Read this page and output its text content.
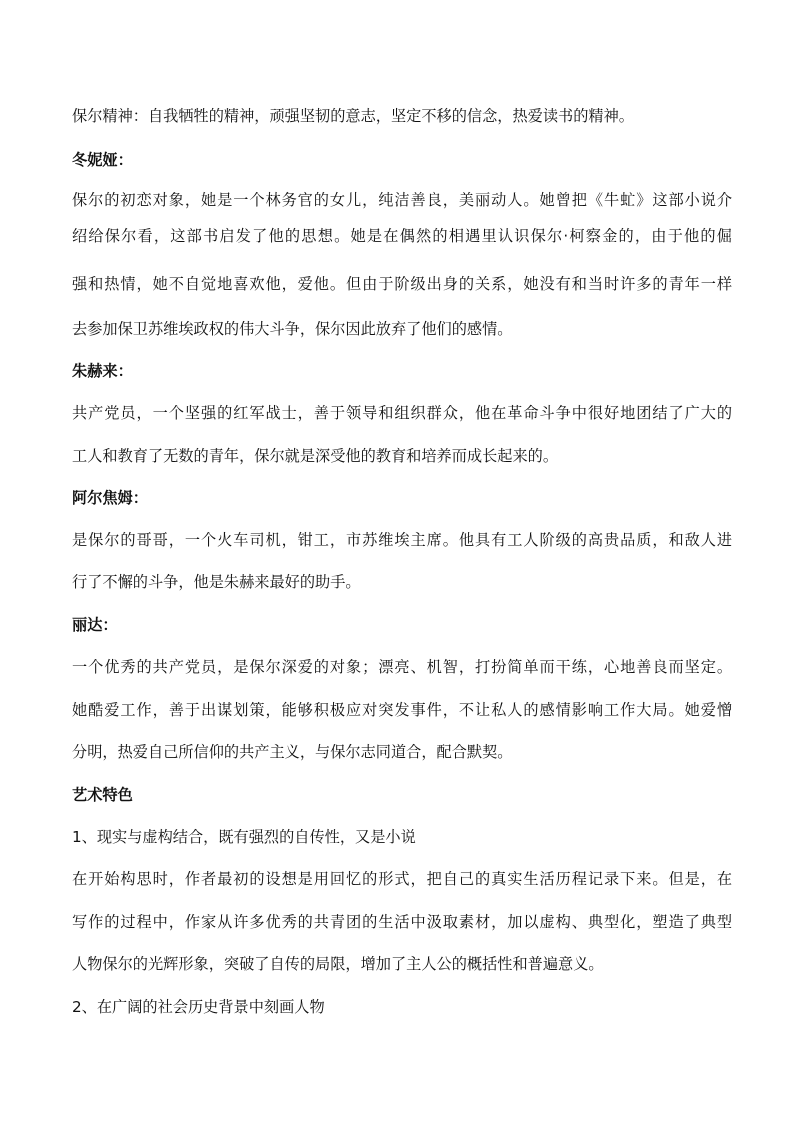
保尔精神：自我牺牲的精神，顽强坚韧的意志，坚定不移的信念，热爱读书的精神。
冬妮娅：
保尔的初恋对象，她是一个林务官的女儿，纯洁善良，美丽动人。她曾把《牛虻》这部小说介
绍给保尔看，这部书启发了他的思想。她是在偶然的相遇里认识保尔·柯察金的，由于他的倔
强和热情，她不自觉地喜欢他，爱他。但由于阶级出身的关系，她没有和当时许多的青年一样
去参加保卫苏维埃政权的伟大斗争，保尔因此放弃了他们的感情。
朱赫来：
共产党员，一个坚强的红军战士，善于领导和组织群众，他在革命斗争中很好地团结了广大的
工人和教育了无数的青年，保尔就是深受他的教育和培养而成长起来的。
阿尔焦姆：
是保尔的哥哥，一个火车司机，钳工，市苏维埃主席。他具有工人阶级的高贵品质，和敌人进
行了不懈的斗争，他是朱赫来最好的助手。
丽达：
一个优秀的共产党员，是保尔深爱的对象；漂亮、机智，打扮简单而干练，心地善良而坚定。
她酷爱工作，善于出谋划策，能够积极应对突发事件，不让私人的感情影响工作大局。她爱憎
分明，热爱自己所信仰的共产主义，与保尔志同道合，配合默契。
艺术特色
1、现实与虚构结合，既有强烈的自传性，又是小说
在开始构思时，作者最初的设想是用回忆的形式，把自己的真实生活历程记录下来。但是，在
写作的过程中，作家从许多优秀的共青团的生活中汲取素材，加以虚构、典型化，塑造了典型
人物保尔的光辉形象，突破了自传的局限，增加了主人公的概括性和普遍意义。
2、在广阔的社会历史背景中刻画人物
